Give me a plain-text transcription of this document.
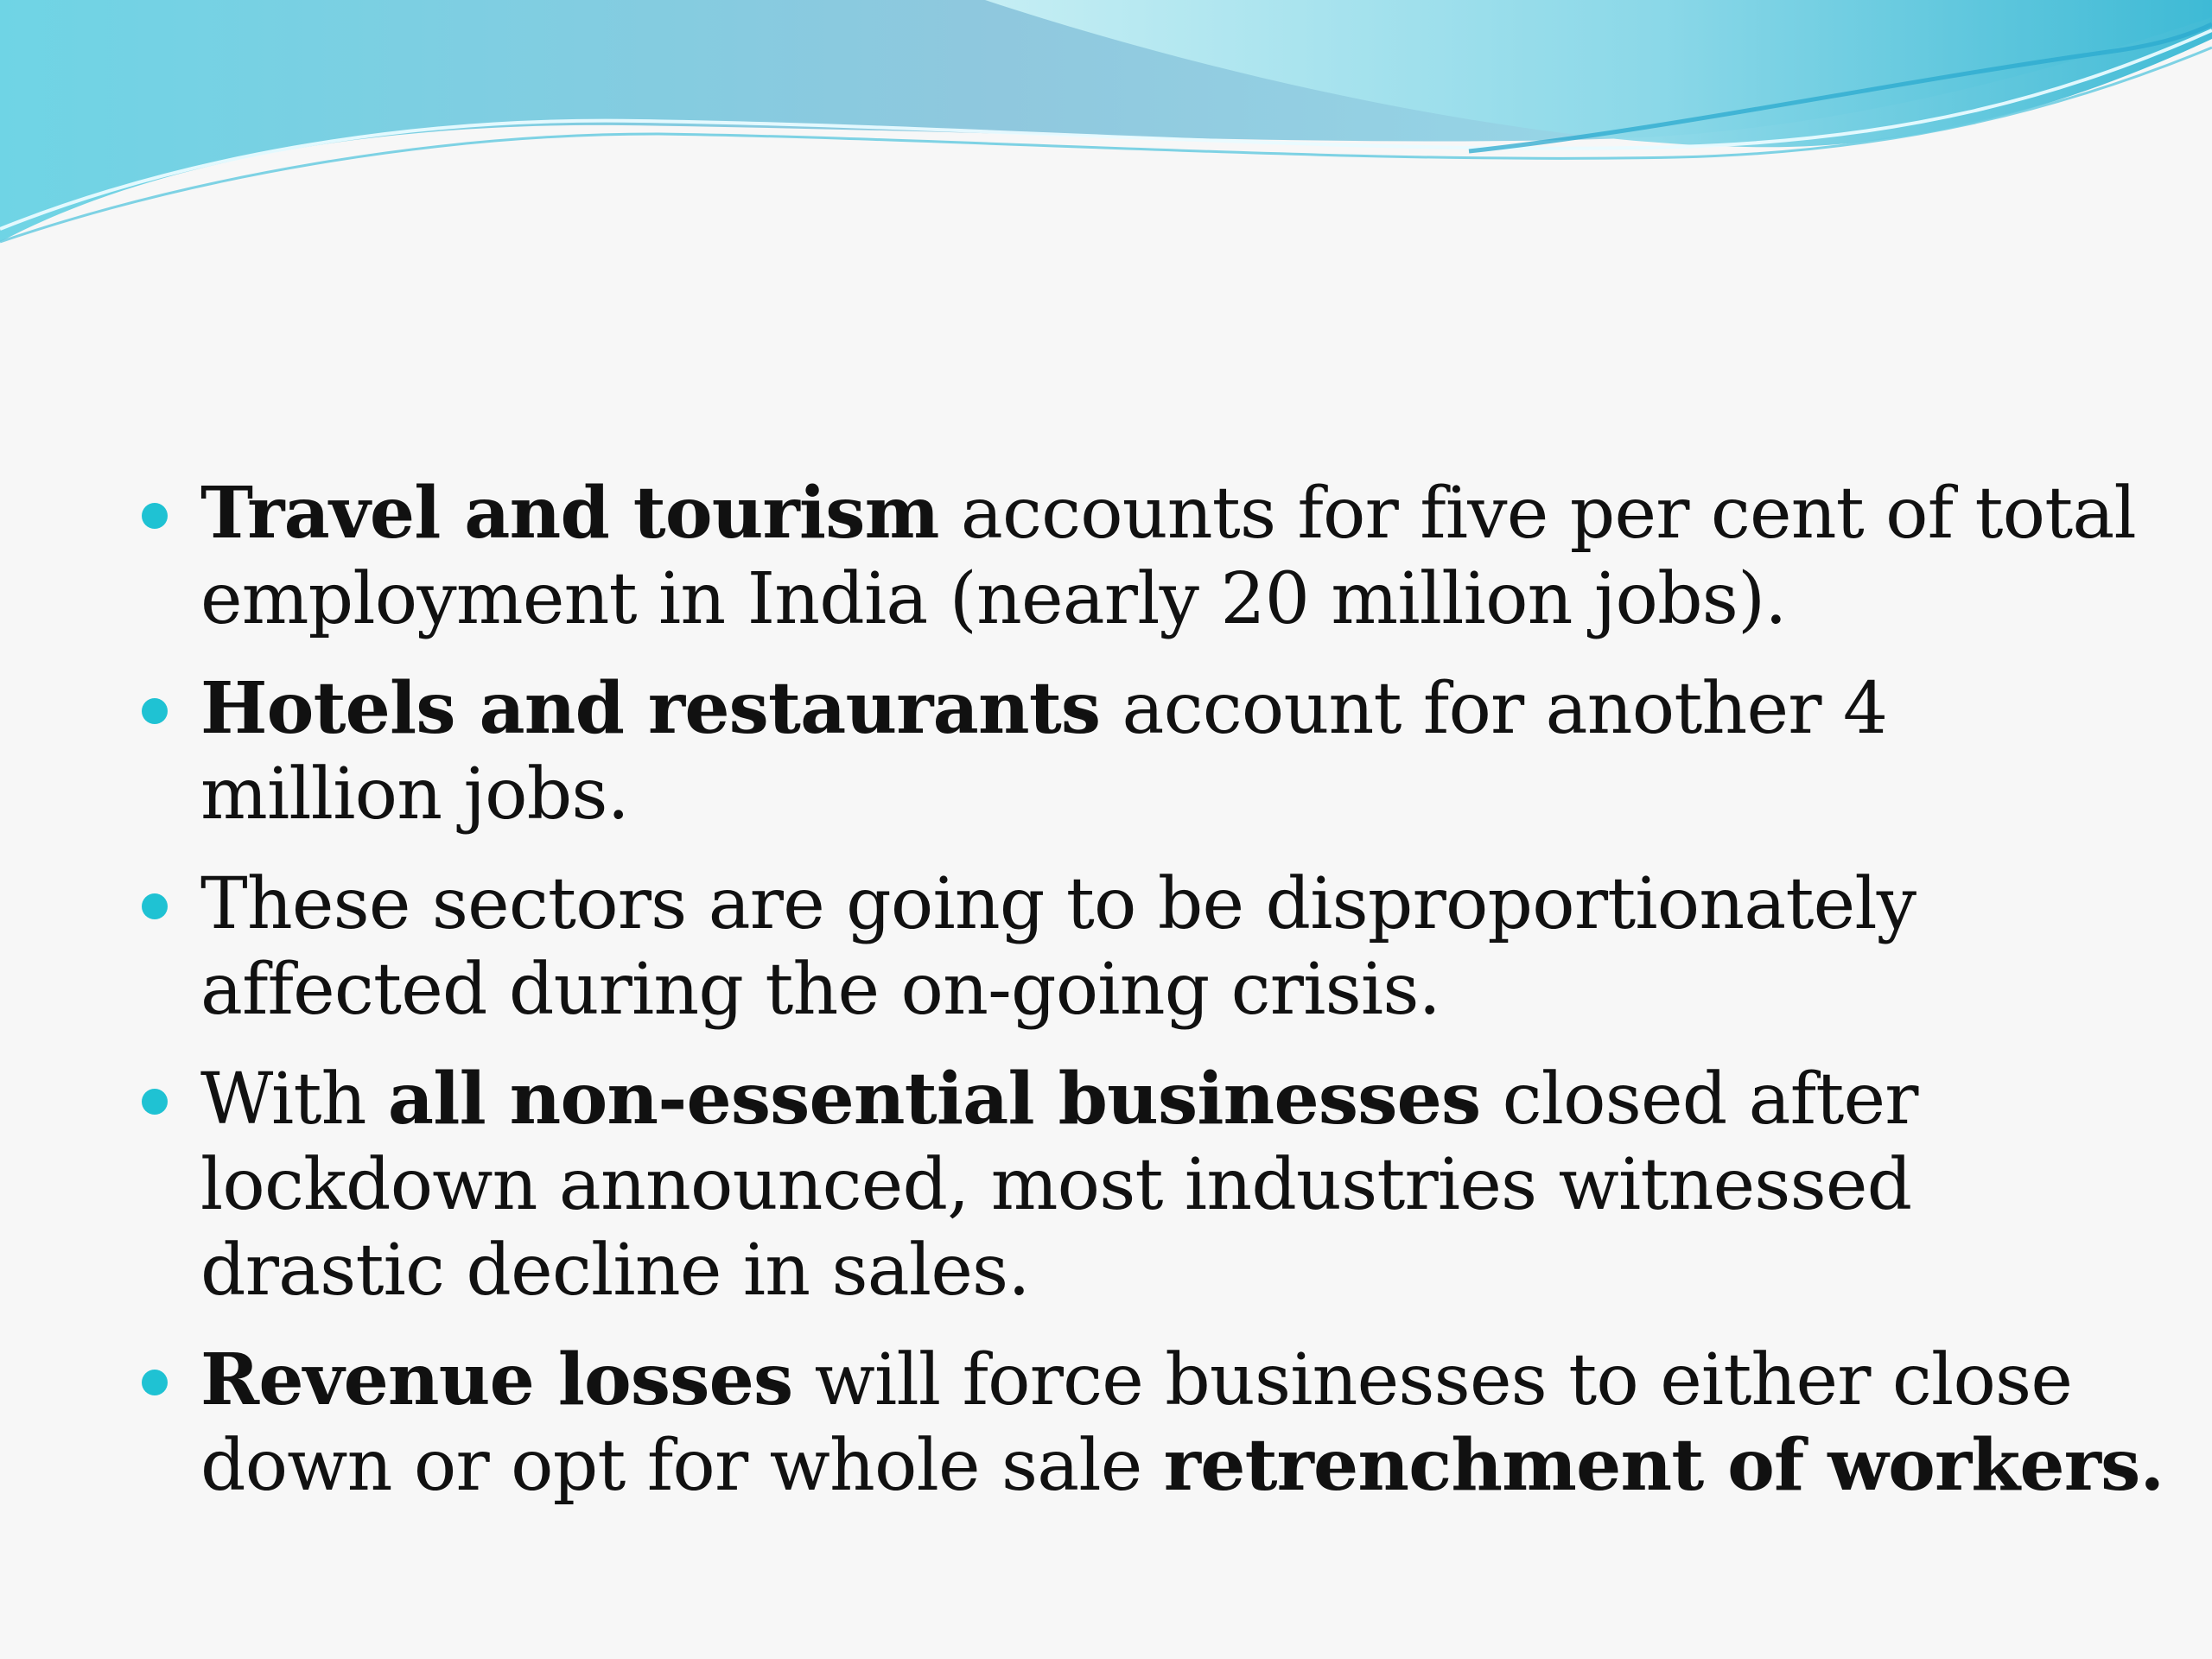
Travel and tourism accounts for five per cent of total
employment in India (nearly 20 million jobs).
Hotels and restaurants account for another 4
million jobs.
These sectors are going to be disproportionately
affected during the on-going crisis.
With all non-essential businesses closed after
lockdown announced, most industries witnessed
drastic decline in sales.
Revenue losses will force businesses to either close
down or opt for whole sale retrenchment of workers.
